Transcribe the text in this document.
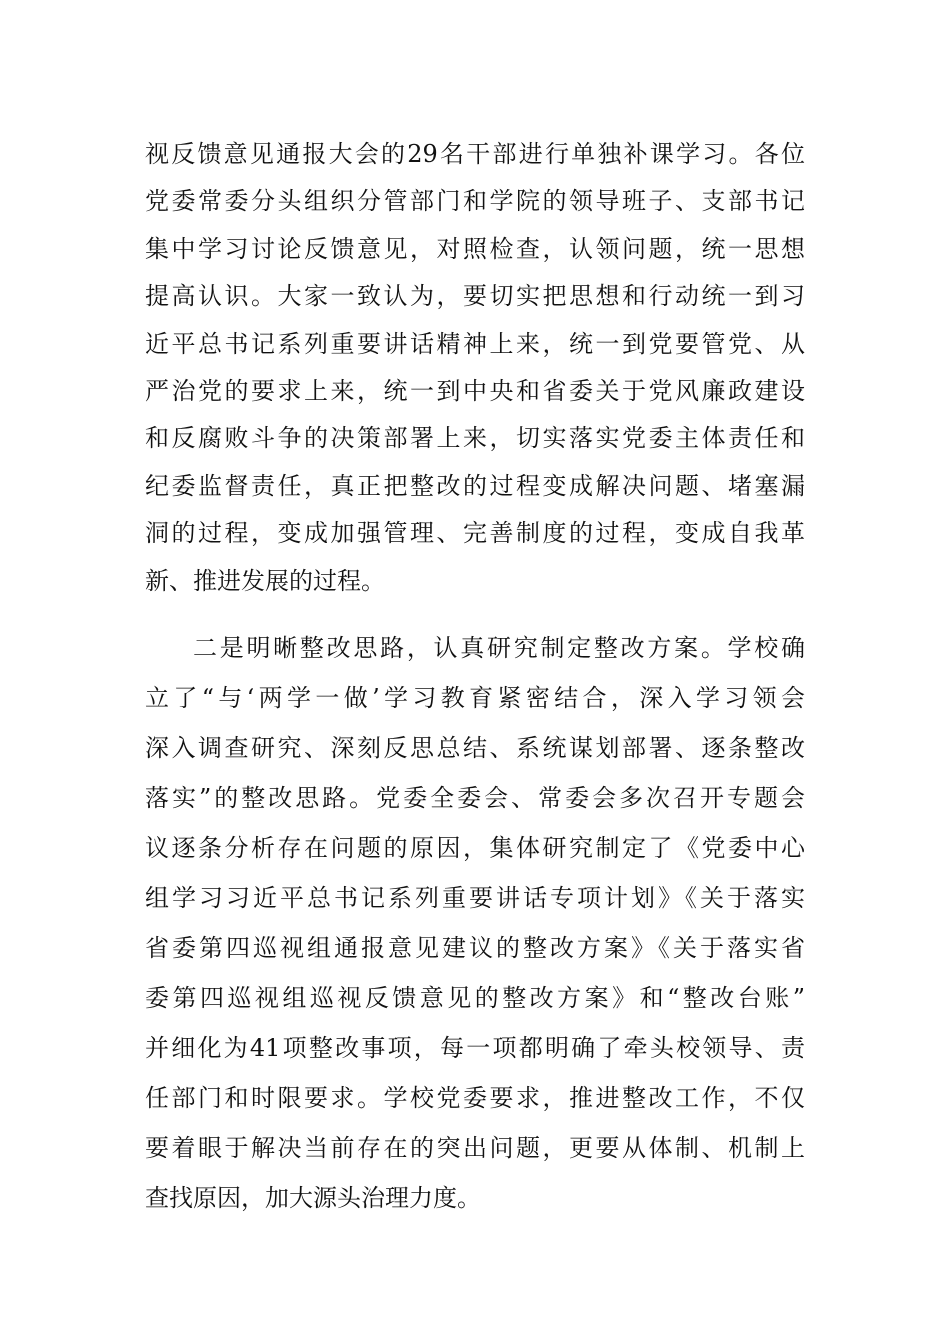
视反馈意见通报大会的29名干部进行单独补课学习。各位
党委常委分头组织分管部门和学院的领导班子、支部书记
集中学习讨论反馈意见，对照检查，认领问题，统一思想
提高认识。大家一致认为，要切实把思想和行动统一到习
近平总书记系列重要讲话精神上来，统一到党要管党、从
严治党的要求上来，统一到中央和省委关于党风廉政建设
和反腐败斗争的决策部署上来，切实落实党委主体责任和
纪委监督责任，真正把整改的过程变成解决问题、堵塞漏
洞的过程，变成加强管理、完善制度的过程，变成自我革
新、推进发展的过程。
二是明晰整改思路，认真研究制定整改方案。学校确
立了“与‘两学一做’学习教育紧密结合，深入学习领会
深入调查研究、深刻反思总结、系统谋划部署、逐条整改
落实”的整改思路。党委全委会、常委会多次召开专题会
议逐条分析存在问题的原因，集体研究制定了《党委中心
组学习习近平总书记系列重要讲话专项计划》《关于落实
省委第四巡视组通报意见建议的整改方案》《关于落实省
委第四巡视组巡视反馈意见的整改方案》和“整改台账”
并细化为41项整改事项，每一项都明确了牵头校领导、责
任部门和时限要求。学校党委要求，推进整改工作，不仅
要着眼于解决当前存在的突出问题，更要从体制、机制上
查找原因，加大源头治理力度。
